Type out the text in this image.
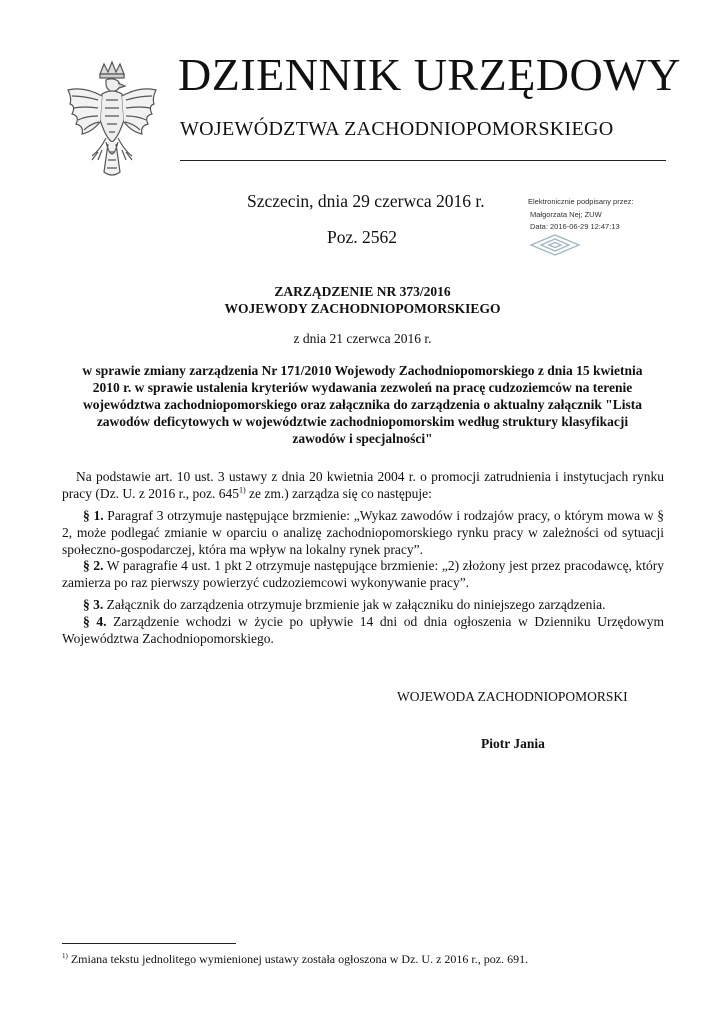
DZIENNIK URZĘDOWY
WOJEWÓDZTWA ZACHODNIOPOMORSKIEGO
Szczecin, dnia 29 czerwca 2016 r.
Poz. 2562
Elektronicznie podpisany przez:
Małgorzata Nej; ZUW
Data: 2016-06-29 12:47:13
ZARZĄDZENIE NR 373/2016
WOJEWODY ZACHODNIOPOMORSKIEGO
z dnia 21 czerwca 2016 r.
w sprawie zmiany zarządzenia Nr 171/2010 Wojewody Zachodniopomorskiego z dnia 15 kwietnia 2010 r. w sprawie ustalenia kryteriów wydawania zezwoleń na pracę cudzoziemców na terenie województwa zachodniopomorskiego oraz załącznika do zarządzenia o aktualny załącznik "Lista zawodów deficytowych w województwie zachodniopomorskim według struktury klasyfikacji zawodów i specjalności"
Na podstawie art. 10 ust. 3 ustawy z dnia 20 kwietnia 2004 r. o promocji zatrudnienia i instytucjach rynku pracy (Dz. U. z 2016 r., poz. 645$^{1)}$ ze zm.) zarządza się co następuje:
§ 1. Paragraf 3 otrzymuje następujące brzmienie: „Wykaz zawodów i rodzajów pracy, o którym mowa w § 2, może podlegać zmianie w oparciu o analizę zachodniopomorskiego rynku pracy w zależności od sytuacji społeczno-gospodarczej, która ma wpływ na lokalny rynek pracy”.
§ 2. W paragrafie 4 ust. 1 pkt 2 otrzymuje następujące brzmienie: „2) złożony jest przez pracodawcę, który zamierza po raz pierwszy powierzyć cudzoziemcowi wykonywanie pracy”.
§ 3. Załącznik do zarządzenia otrzymuje brzmienie jak w załączniku do niniejszego zarządzenia.
§ 4. Zarządzenie wchodzi w życie po upływie 14 dni od dnia ogłoszenia w Dzienniku Urzędowym Województwa Zachodniopomorskiego.
WOJEWODA ZACHODNIOPOMORSKI
Piotr Jania
$^{1)}$ Zmiana tekstu jednolitego wymienionej ustawy została ogłoszona w Dz. U. z 2016 r., poz. 691.
